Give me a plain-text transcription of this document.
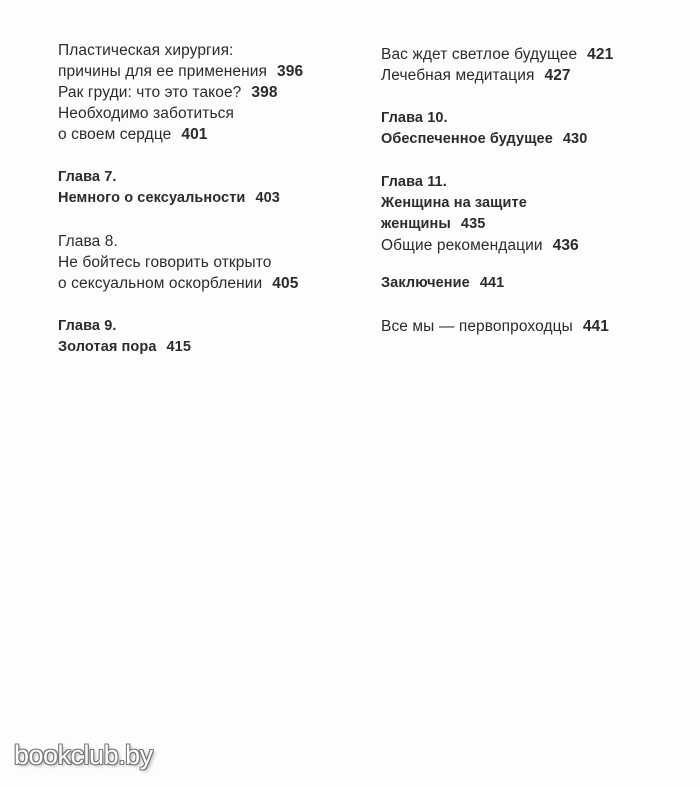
Пластическая хирургия:
причины для ее применения 396
Рак груди: что это такое? 398
Необходимо заботиться
о своем сердце 401
Глава 7.
Немного о сексуальности 403
Глава 8.
Не бойтесь говорить открыто
о сексуальном оскорблении 405
Глава 9.
Золотая пора 415
Вас ждет светлое будущее 421
Лечебная медитация 427
Глава 10.
Обеспеченное будущее 430
Глава 11.
Женщина на защите
женщины 435
Общие рекомендации 436
Заключение 441
Все мы — первопроходцы 441
bookclub.by
